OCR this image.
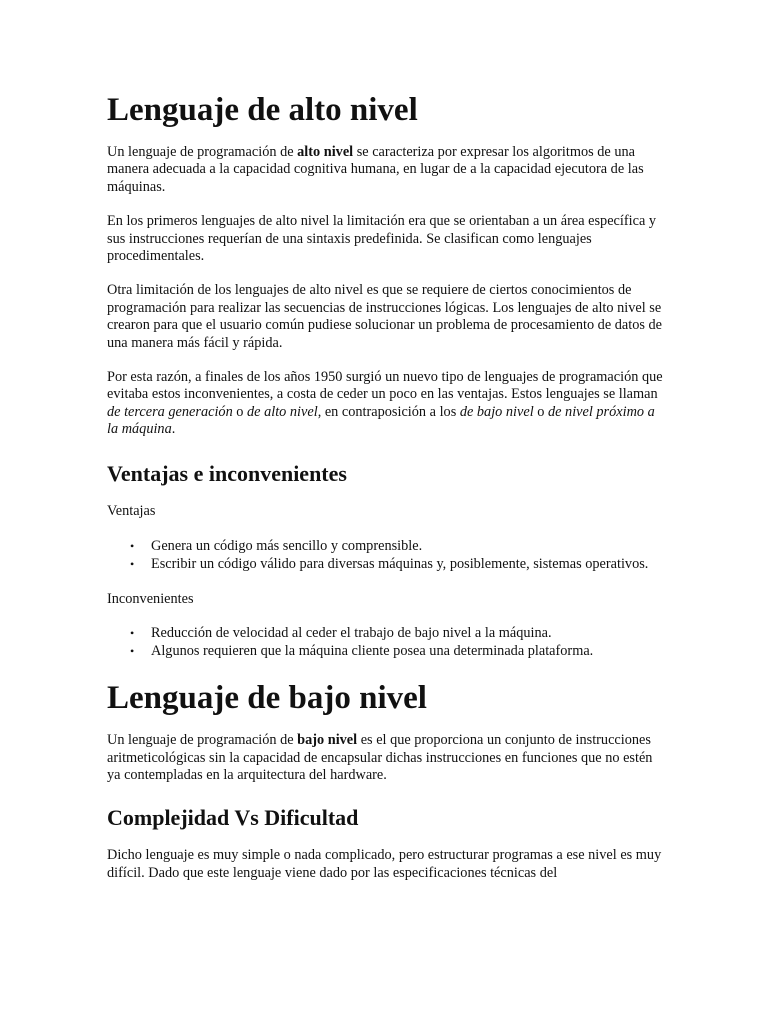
Lenguaje de alto nivel

Un lenguaje de programación de alto nivel se caracteriza por expresar los algoritmos de una manera adecuada a la capacidad cognitiva humana, en lugar de a la capacidad ejecutora de las máquinas.

En los primeros lenguajes de alto nivel la limitación era que se orientaban a un área específica y sus instrucciones requerían de una sintaxis predefinida. Se clasifican como lenguajes procedimentales.

Otra limitación de los lenguajes de alto nivel es que se requiere de ciertos conocimientos de programación para realizar las secuencias de instrucciones lógicas. Los lenguajes de alto nivel se crearon para que el usuario común pudiese solucionar un problema de procesamiento de datos de una manera más fácil y rápida.

Por esta razón, a finales de los años 1950 surgió un nuevo tipo de lenguajes de programación que evitaba estos inconvenientes, a costa de ceder un poco en las ventajas. Estos lenguajes se llaman de tercera generación o de alto nivel, en contraposición a los de bajo nivel o de nivel próximo a la máquina.

Ventajas e inconvenientes

Ventajas

• Genera un código más sencillo y comprensible.
• Escribir un código válido para diversas máquinas y, posiblemente, sistemas operativos.

Inconvenientes

• Reducción de velocidad al ceder el trabajo de bajo nivel a la máquina.
• Algunos requieren que la máquina cliente posea una determinada plataforma.
Lenguaje de bajo nivel

Un lenguaje de programación de bajo nivel es el que proporciona un conjunto de instrucciones aritmeticológicas sin la capacidad de encapsular dichas instrucciones en funciones que no estén ya contempladas en la arquitectura del hardware.

Complejidad Vs Dificultad

Dicho lenguaje es muy simple o nada complicado, pero estructurar programas a ese nivel es muy difícil. Dado que este lenguaje viene dado por las especificaciones técnicas del
